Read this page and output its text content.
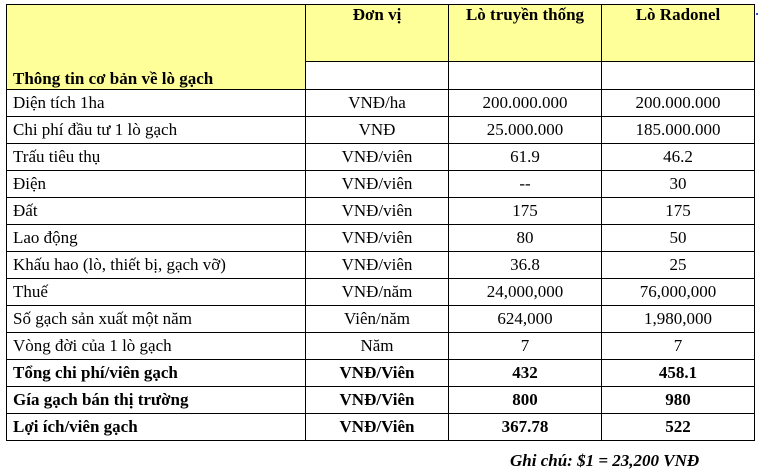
Thông tin cơ bản về lò gạch	Đơn vị	Lò truyền thống	Lò Radonel

Diện tích 1ha	VNĐ/ha	200.000.000	200.000.000
Chi phí đầu tư 1 lò gạch	VNĐ	25.000.000	185.000.000
Trấu tiêu thụ	VNĐ/viên	61.9	46.2
Điện	VNĐ/viên	--	30
Đất	VNĐ/viên	175	175
Lao động	VNĐ/viên	80	50
Khấu hao (lò, thiết bị, gạch vỡ)	VNĐ/viên	36.8	25
Thuế	VNĐ/năm	24,000,000	76,000,000
Số gạch sản xuất một năm	Viên/năm	624,000	1,980,000
Vòng đời của 1 lò gạch	Năm	7	7
Tổng chi phí/viên gạch	VNĐ/Viên	432	458.1
Gía gạch bán thị trường	VNĐ/Viên	800	980
Lợi ích/viên gạch	VNĐ/Viên	367.78	522
Ghi chú: $1 = 23,200 VNĐ
